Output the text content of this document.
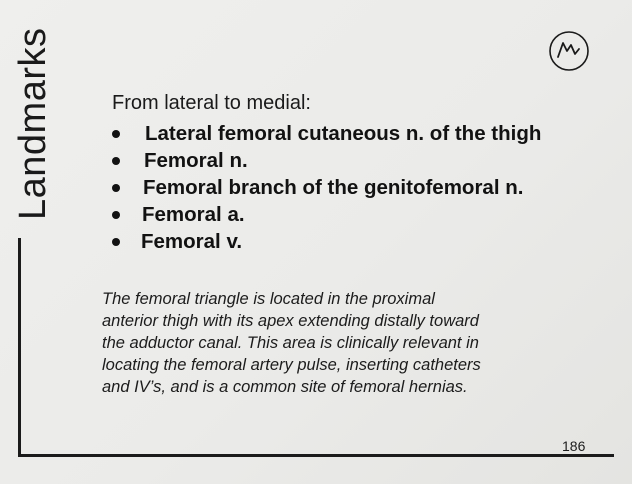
Landmarks	From lateral to medial:
Lateral femoral cutaneous n. of the thigh
Femoral n.
Femoral branch of the genitofemoral n.
Femoral a.
Femoral v.

The femoral triangle is located in the proximal
anterior thigh with its apex extending distally toward
the adductor canal. This area is clinically relevant in
locating the femoral artery pulse, inserting catheters
and IV’s, and is a common site of femoral hernias.

186
